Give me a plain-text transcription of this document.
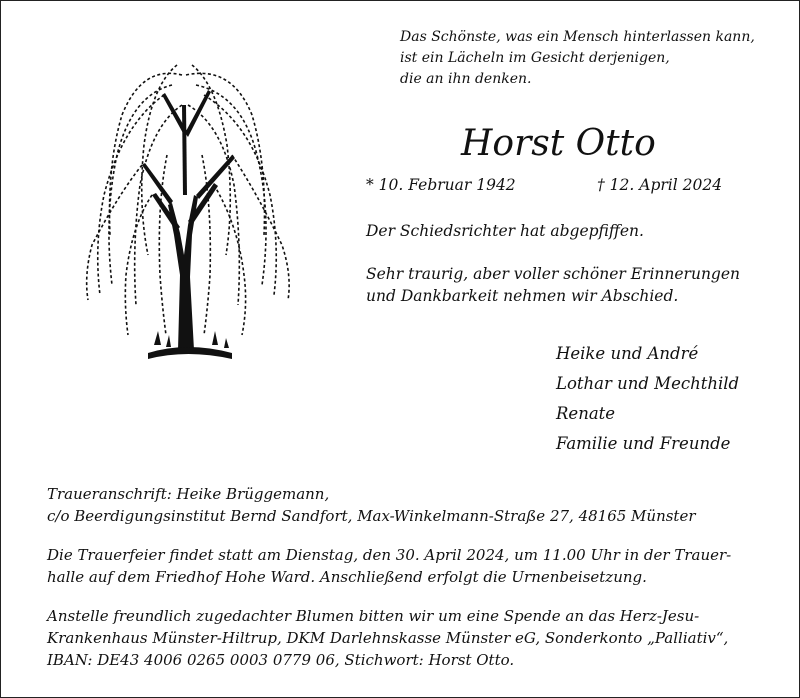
Das Schönste, was ein Mensch hinterlassen kann,
ist ein Lächeln im Gesicht derjenigen,
die an ihn denken.
Horst Otto
* 10. Februar 1942	† 12. April 2024
Der Schiedsrichter hat abgepfiffen.
Sehr traurig, aber voller schöner Erinnerungen
und Dankbarkeit nehmen wir Abschied.
Heike und André
Lothar und Mechthild
Renate
Familie und Freunde
Traueranschrift: Heike Brüggemann,
c/o Beerdigungsinstitut Bernd Sandfort, Max-Winkelmann-Straße 27, 48165 Münster
Die Trauerfeier findet statt am Dienstag, den 30. April 2024, um 11.00 Uhr in der Trauer-
halle auf dem Friedhof Hohe Ward. Anschließend erfolgt die Urnenbeisetzung.
Anstelle freundlich zugedachter Blumen bitten wir um eine Spende an das Herz-Jesu-
Krankenhaus Münster-Hiltrup, DKM Darlehnskasse Münster eG, Sonderkonto „Palliativ“,
IBAN: DE43 4006 0265 0003 0779 06, Stichwort: Horst Otto.
